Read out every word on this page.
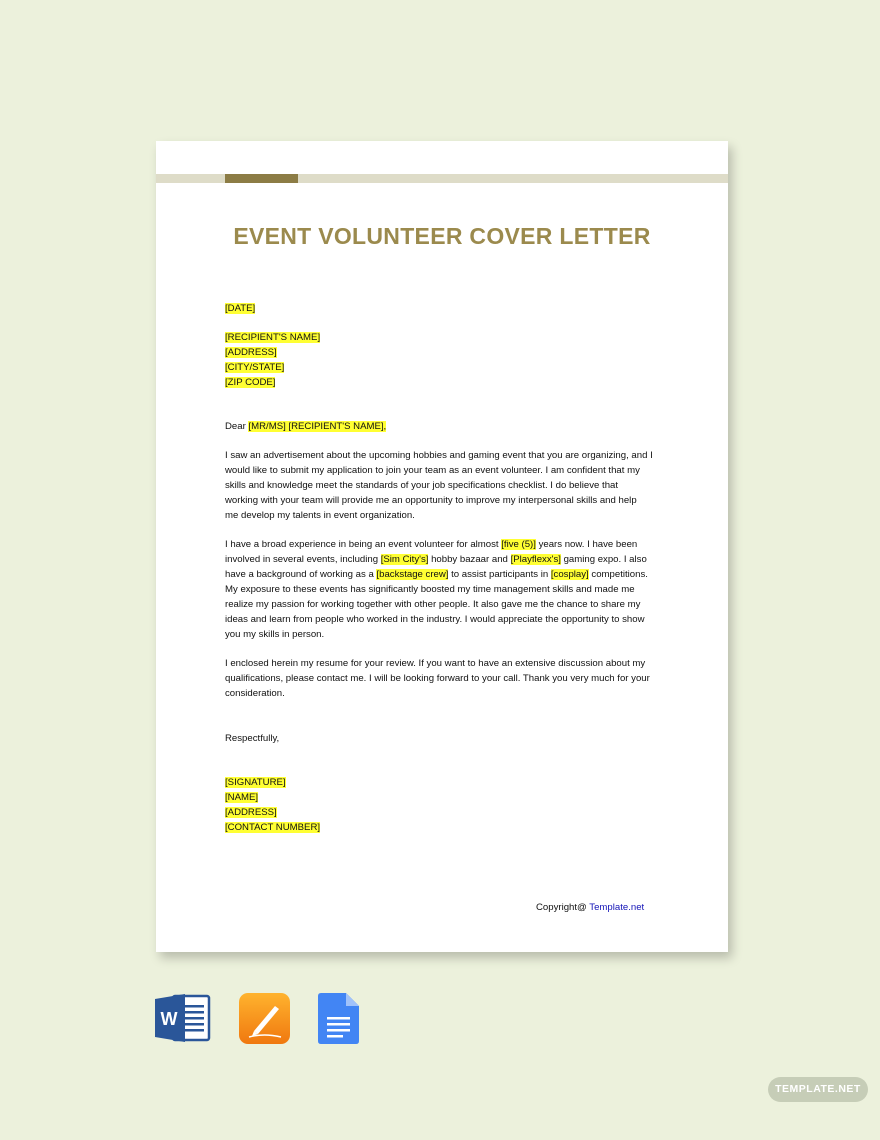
EVENT VOLUNTEER COVER LETTER
[DATE]
[RECIPIENT'S NAME]
[ADDRESS]
[CITY/STATE]
[ZIP CODE]
Dear [MR/MS] [RECIPIENT'S NAME],
I saw an advertisement about the upcoming hobbies and gaming event that you are organizing, and I
would like to submit my application to join your team as an event volunteer. I am confident that my
skills and knowledge meet the standards of your job specifications checklist. I do believe that
working with your team will provide me an opportunity to improve my interpersonal skills and help
me develop my talents in event organization.
I have a broad experience in being an event volunteer for almost [five (5)] years now. I have been
involved in several events, including [Sim City's] hobby bazaar and [Playflexx's] gaming expo. I also
have a background of working as a [backstage crew] to assist participants in [cosplay] competitions.
My exposure to these events has significantly boosted my time management skills and made me
realize my passion for working together with other people. It also gave me the chance to share my
ideas and learn from people who worked in the industry. I would appreciate the opportunity to show
you my skills in person.
I enclosed herein my resume for your review. If you want to have an extensive discussion about my
qualifications, please contact me. I will be looking forward to your call. Thank you very much for your
consideration.
Respectfully,
[SIGNATURE]
[NAME]
[ADDRESS]
[CONTACT NUMBER]
Copyright@ Template.net
W
TEMPLATE.NET
